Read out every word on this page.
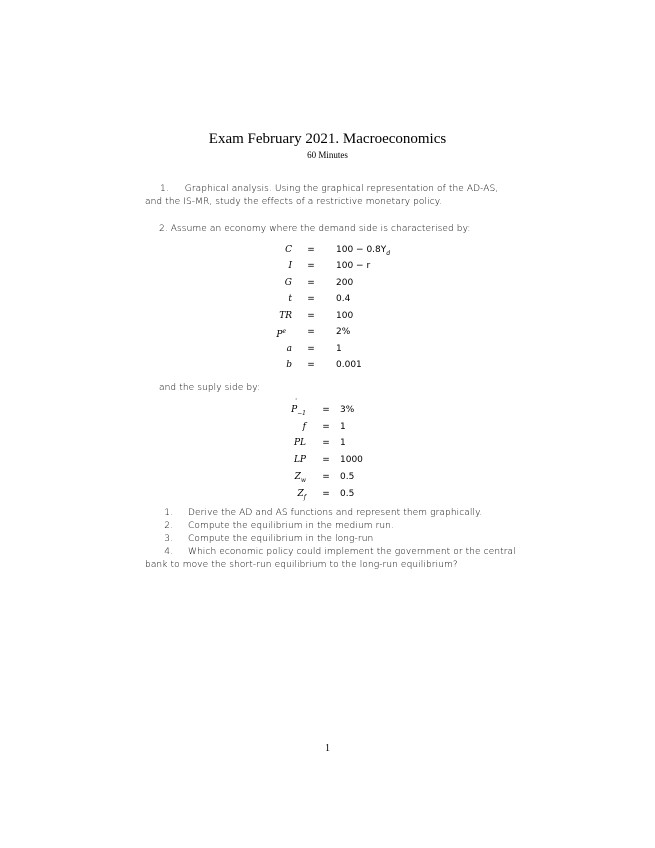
Exam February 2021. Macroeconomics
60 Minutes
1. Graphical analysis. Using the graphical representation of the AD-AS,
and the IS-MR, study the effects of a restrictive monetary policy.
2. Assume an economy where the demand side is characterised by:
C	=	$100 - 0.8Y_d$
I	=	100 − r
G	=	200
t	=	0.4
TR	=	100
$P^e$	=	2%
a	=	1
b	=	0.001
and the suply side by:
˙
$P_{-1}$	=	3%
f	=	1
PL	=	1
LP	=	1000
$Z_w$	=	0.5
$Z_f$	=	0.5
1. Derive the AD and AS functions and represent them graphically.
2. Compute the equilibrium in the medium run.
3. Compute the equilibrium in the long-run
4. Which economic policy could implement the government or the central
bank to move the short-run equilibrium to the long-run equilibrium?
1
